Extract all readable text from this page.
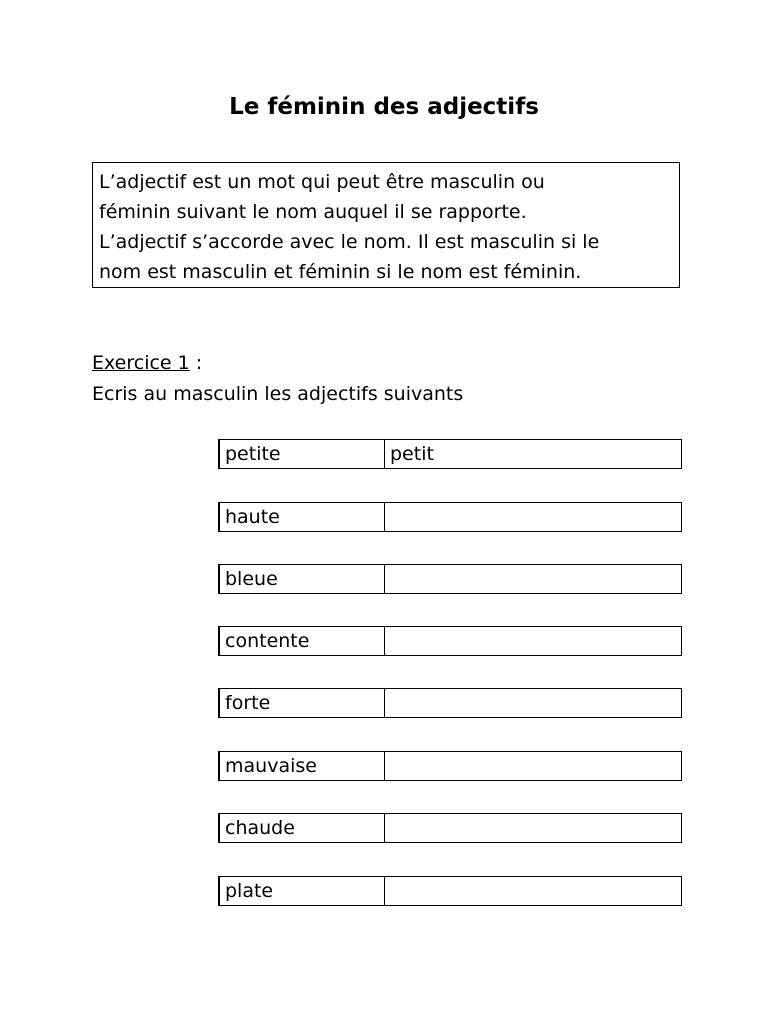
Le féminin des adjectifs
L’adjectif est un mot qui peut être masculin ou
féminin suivant le nom auquel il se rapporte.
L’adjectif s’accorde avec le nom. Il est masculin si le
nom est masculin et féminin si le nom est féminin.
Exercice 1 :
Ecris au masculin les adjectifs suivants
petite	petit
haute
bleue
contente
forte
mauvaise
chaude
plate
